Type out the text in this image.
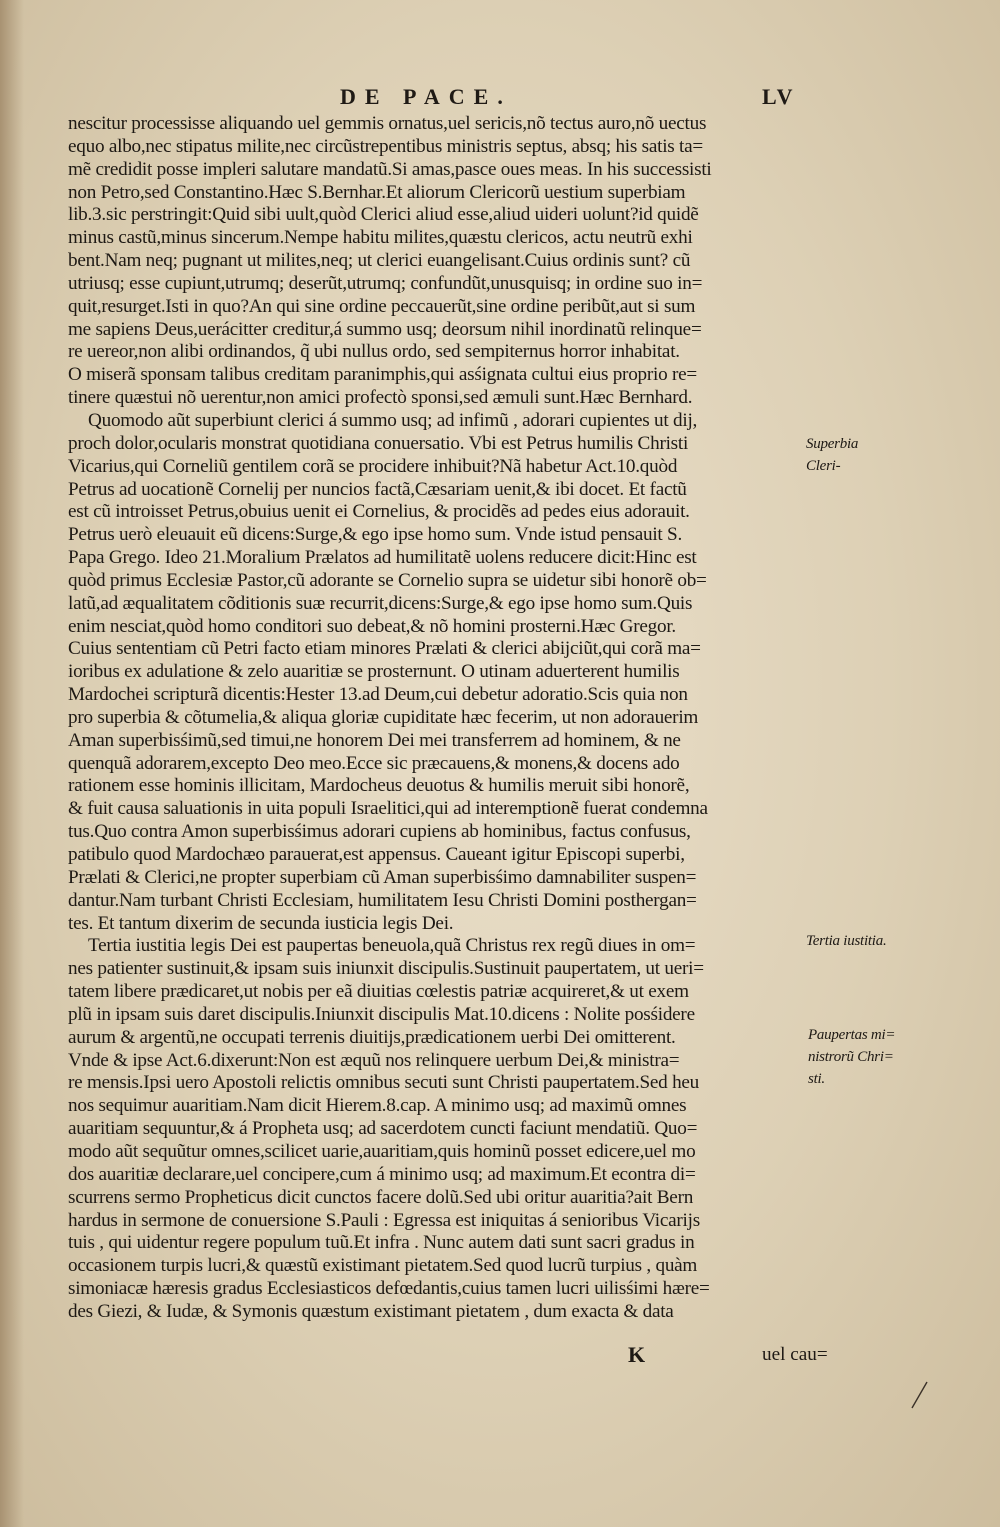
DE PACE.	LV
nescitur processisse aliquando uel gemmis ornatus,uel sericis,nõ tectus auro,nõ uectus
equo albo,nec stipatus milite,nec circũstrepentibus ministris septus, absq; his satis ta=
mẽ credidit posse impleri salutare mandatũ.Si amas,pasce oues meas. In his successisti
non Petro,sed Constantino.Hæc S.Bernhar.Et aliorum Clericorũ uestium superbiam
lib.3.sic perstringit:Quid sibi uult,quòd Clerici aliud esse,aliud uideri uolunt?id quidẽ
minus castũ,minus sincerum.Nempe habitu milites,quæstu clericos, actu neutrũ exhi
bent.Nam neq; pugnant ut milites,neq; ut clerici euangelisant.Cuius ordinis sunt? cũ
utriusq; esse cupiunt,utrumq; deserũt,utrumq; confundũt,unusquisq; in ordine suo in=
quit,resurget.Isti in quo?An qui sine ordine peccauerũt,sine ordine peribũt,aut si sum
me sapiens Deus,uerácitter creditur,á summo usq; deorsum nihil inordinatũ relinque=
re uereor,non alibi ordinandos, q̃ ubi nullus ordo, sed sempiternus horror inhabitat.
O miserã sponsam talibus creditam paranimphis,qui asśignata cultui eius proprio re=
tinere quæstui nõ uerentur,non amici profectò sponsi,sed æmuli sunt.Hæc Bernhard.
Quomodo aũt superbiunt clerici á summo usq; ad infimũ , adorari cupientes ut dij,
proch dolor,ocularis monstrat quotidiana conuersatio. Vbi est Petrus humilis Christi
Vicarius,qui Corneliũ gentilem corã se procidere inhibuit?Nã habetur Act.10.quòd
Petrus ad uocationẽ Cornelij per nuncios factã,Cæsariam uenit,& ibi docet. Et factũ
est cũ introisset Petrus,obuius uenit ei Cornelius, & procidẽs ad pedes eius adorauit.
Petrus uerò eleuauit eũ dicens:Surge,& ego ipse homo sum. Vnde istud pensauit S.
Papa Grego. Ideo 21.Moralium Prælatos ad humilitatẽ uolens reducere dicit:Hinc est
quòd primus Ecclesiæ Pastor,cũ adorante se Cornelio supra se uidetur sibi honorẽ ob=
latũ,ad æqualitatem cõditionis suæ recurrit,dicens:Surge,& ego ipse homo sum.Quis
enim nesciat,quòd homo conditori suo debeat,& nõ homini prosterni.Hæc Gregor.
Cuius sententiam cũ Petri facto etiam minores Prælati & clerici abijciũt,qui corã ma=
ioribus ex adulatione & zelo auaritiæ se prosternunt. O utinam aduerterent humilis
Mardochei scripturã dicentis:Hester 13.ad Deum,cui debetur adoratio.Scis quia non
pro superbia & cõtumelia,& aliqua gloriæ cupiditate hæc fecerim, ut non adorauerim
Aman superbisśimũ,sed timui,ne honorem Dei mei transferrem ad hominem, & ne
quenquã adorarem,excepto Deo meo.Ecce sic præcauens,& monens,& docens ado
rationem esse hominis illicitam, Mardocheus deuotus & humilis meruit sibi honorẽ,
& fuit causa saluationis in uita populi Israelitici,qui ad interemptionẽ fuerat condemna
tus.Quo contra Amon superbisśimus adorari cupiens ab hominibus, factus confusus,
patibulo quod Mardochæo parauerat,est appensus. Caueant igitur Episcopi superbi,
Prælati & Clerici,ne propter superbiam cũ Aman superbisśimo damnabiliter suspen=
dantur.Nam turbant Christi Ecclesiam, humilitatem Iesu Christi Domini posthergan=
tes. Et tantum dixerim de secunda iusticia legis Dei.
Tertia iustitia legis Dei est paupertas beneuola,quã Christus rex regũ diues in om=
nes patienter sustinuit,& ipsam suis iniunxit discipulis.Sustinuit paupertatem, ut ueri=
tatem libere prædicaret,ut nobis per eã diuitias cœlestis patriæ acquireret,& ut exem
plũ in ipsam suis daret discipulis.Iniunxit discipulis Mat.10.dicens : Nolite posśidere
aurum & argentũ,ne occupati terrenis diuitijs,prædicationem uerbi Dei omitterent.
Vnde & ipse Act.6.dixerunt:Non est æquũ nos relinquere uerbum Dei,& ministra=
re mensis.Ipsi uero Apostoli relictis omnibus secuti sunt Christi paupertatem.Sed heu
nos sequimur auaritiam.Nam dicit Hierem.8.cap. A minimo usq; ad maximũ omnes
auaritiam sequuntur,& á Propheta usq; ad sacerdotem cuncti faciunt mendatiũ. Quo=
modo aũt sequũtur omnes,scilicet uarie,auaritiam,quis hominũ posset edicere,uel mo
dos auaritiæ declarare,uel concipere,cum á minimo usq; ad maximum.Et econtra di=
scurrens sermo Propheticus dicit cunctos facere dolũ.Sed ubi oritur auaritia?ait Bern
hardus in sermone de conuersione S.Pauli : Egressa est iniquitas á senioribus Vicarijs
tuis , qui uidentur regere populum tuũ.Et infra . Nunc autem dati sunt sacri gradus in
occasionem turpis lucri,& quæstũ existimant pietatem.Sed quod lucrũ turpius , quàm
simoniacæ hæresis gradus Ecclesiasticos defœdantis,cuius tamen lucri uilisśimi hære=
des Giezi, & Iudæ, & Symonis quæstum existimant pietatem , dum exacta & data
Superbia
Cleri-
Tertia iustitia.
Paupertas mi=
nistrorũ Chri=
sti.
K	uel cau=
